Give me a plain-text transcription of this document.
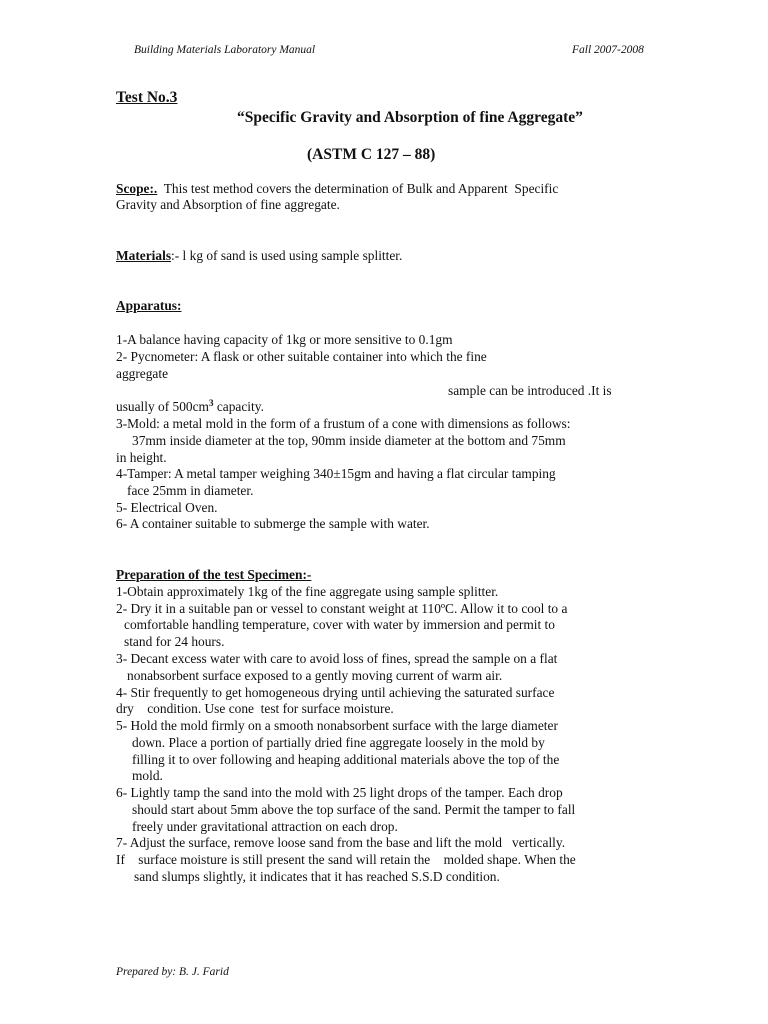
Building Materials Laboratory Manual	Fall 2007-2008
Test No.3
“Specific Gravity and Absorption of fine Aggregate”
(ASTM C 127 – 88)
Scope:.  This test method covers the determination of Bulk and Apparent  Specific
Gravity and Absorption of fine aggregate.
Materials:- l kg of sand is used using sample splitter.
Apparatus:
1-A balance having capacity of 1kg or more sensitive to 0.1gm
2- Pycnometer: A flask or other suitable container into which the fine
aggregate
sample can be introduced .It is
usually of $500cm^3$ capacity.
3-Mold: a metal mold in the form of a frustum of a cone with dimensions as follows:
37mm inside diameter at the top, 90mm inside diameter at the bottom and 75mm
in height.
4-Tamper: A metal tamper weighing 340±15gm and having a flat circular tamping
face 25mm in diameter.
5- Electrical Oven.
6- A container suitable to submerge the sample with water.
Preparation of the test Specimen:-
1-Obtain approximately 1kg of the fine aggregate using sample splitter.
2- Dry it in a suitable pan or vessel to constant weight at 110ºC. Allow it to cool to a
comfortable handling temperature, cover with water by immersion and permit to
stand for 24 hours.
3- Decant excess water with care to avoid loss of fines, spread the sample on a flat
nonabsorbent surface exposed to a gently moving current of warm air.
4- Stir frequently to get homogeneous drying until achieving the saturated surface
dry    condition. Use cone  test for surface moisture.
5- Hold the mold firmly on a smooth nonabsorbent surface with the large diameter
down. Place a portion of partially dried fine aggregate loosely in the mold by
filling it to over following and heaping additional materials above the top of the
mold.
6- Lightly tamp the sand into the mold with 25 light drops of the tamper. Each drop
should start about 5mm above the top surface of the sand. Permit the tamper to fall
freely under gravitational attraction on each drop.
7- Adjust the surface, remove loose sand from the base and lift the mold   vertically.
If    surface moisture is still present the sand will retain the    molded shape. When the
sand slumps slightly, it indicates that it has reached S.S.D condition.
Prepared by: B. J. Farid
